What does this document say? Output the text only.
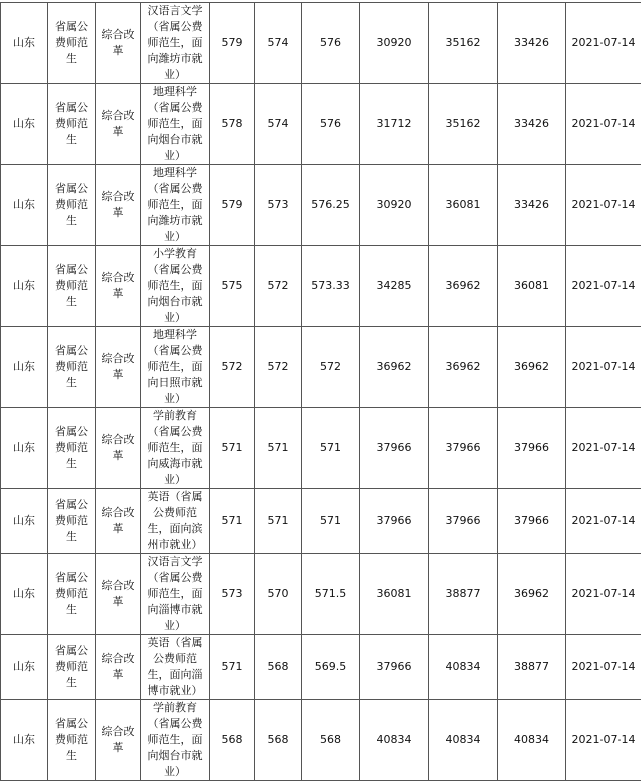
山东	省属公费师范生	综合改革	汉语言文学（省属公费师范生，面向潍坊市就业）	579	574	576	30920	35162	33426	2021-07-14
山东	省属公费师范生	综合改革	地理科学（省属公费师范生，面向烟台市就业）	578	574	576	31712	35162	33426	2021-07-14
山东	省属公费师范生	综合改革	地理科学（省属公费师范生，面向潍坊市就业）	579	573	576.25	30920	36081	33426	2021-07-14
山东	省属公费师范生	综合改革	小学教育（省属公费师范生，面向烟台市就业）	575	572	573.33	34285	36962	36081	2021-07-14
山东	省属公费师范生	综合改革	地理科学（省属公费师范生，面向日照市就业）	572	572	572	36962	36962	36962	2021-07-14
山东	省属公费师范生	综合改革	学前教育（省属公费师范生，面向威海市就业）	571	571	571	37966	37966	37966	2021-07-14
山东	省属公费师范生	综合改革	英语（省属公费师范生，面向滨州市就业）	571	571	571	37966	37966	37966	2021-07-14
山东	省属公费师范生	综合改革	汉语言文学（省属公费师范生，面向淄博市就业）	573	570	571.5	36081	38877	36962	2021-07-14
山东	省属公费师范生	综合改革	英语（省属公费师范生，面向淄博市就业）	571	568	569.5	37966	40834	38877	2021-07-14
山东	省属公费师范生	综合改革	学前教育（省属公费师范生，面向烟台市就业）	568	568	568	40834	40834	40834	2021-07-14
